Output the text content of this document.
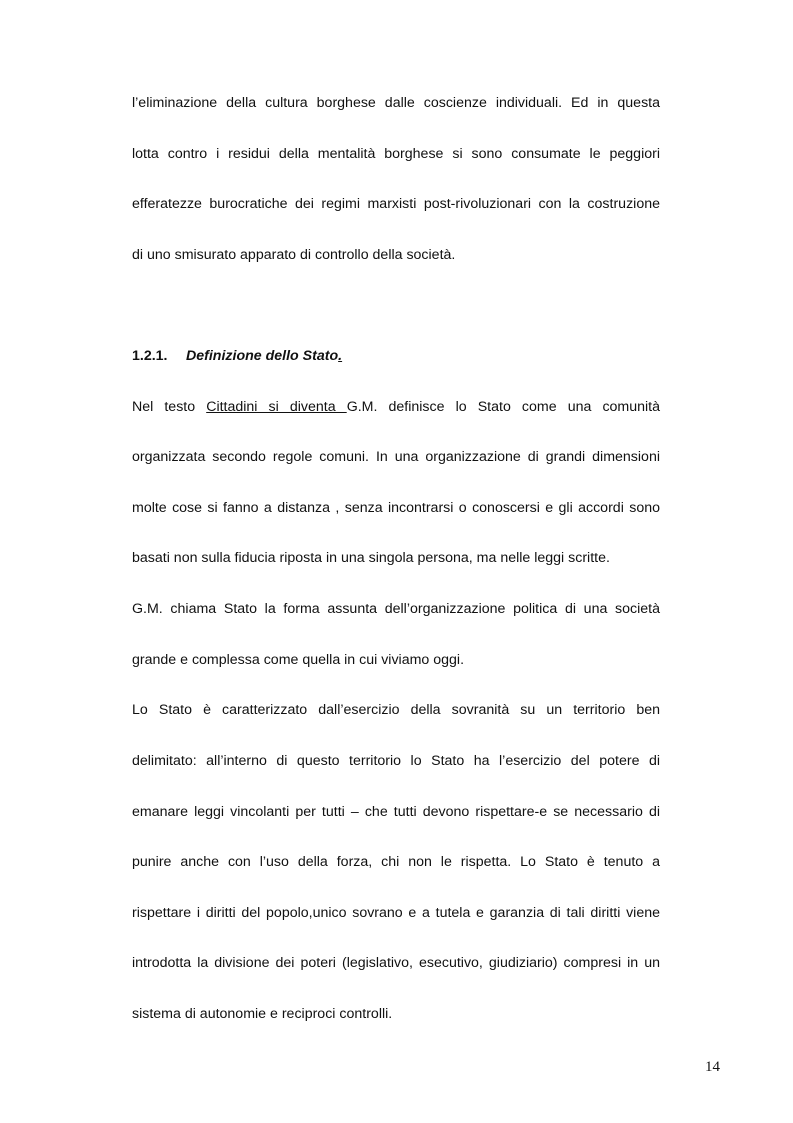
l’eliminazione della cultura borghese dalle coscienze individuali. Ed in questa
lotta contro i residui della mentalità borghese si sono consumate le peggiori
efferatezze burocratiche dei regimi marxisti post-rivoluzionari con la costruzione
di uno smisurato apparato di controllo della società.
1.2.1. Definizione dello Stato.
Nel testo Cittadini si diventa G.M. definisce lo Stato come una comunità
organizzata secondo regole comuni. In una organizzazione di grandi dimensioni
molte cose si fanno a distanza , senza incontrarsi o conoscersi e gli accordi sono
basati non sulla fiducia riposta in una singola persona, ma nelle leggi scritte.
G.M. chiama Stato la forma assunta dell’organizzazione politica di una società
grande e complessa come quella in cui viviamo oggi.
Lo Stato è caratterizzato dall’esercizio della sovranità su un territorio ben
delimitato: all’interno di questo territorio lo Stato ha l’esercizio del potere di
emanare leggi vincolanti per tutti – che tutti devono rispettare-e se necessario di
punire anche con l’uso della forza, chi non le rispetta. Lo Stato è tenuto a
rispettare i diritti del popolo,unico sovrano e a tutela e garanzia di tali diritti viene
introdotta la divisione dei poteri (legislativo, esecutivo, giudiziario) compresi in un
sistema di autonomie e reciproci controlli.
14
